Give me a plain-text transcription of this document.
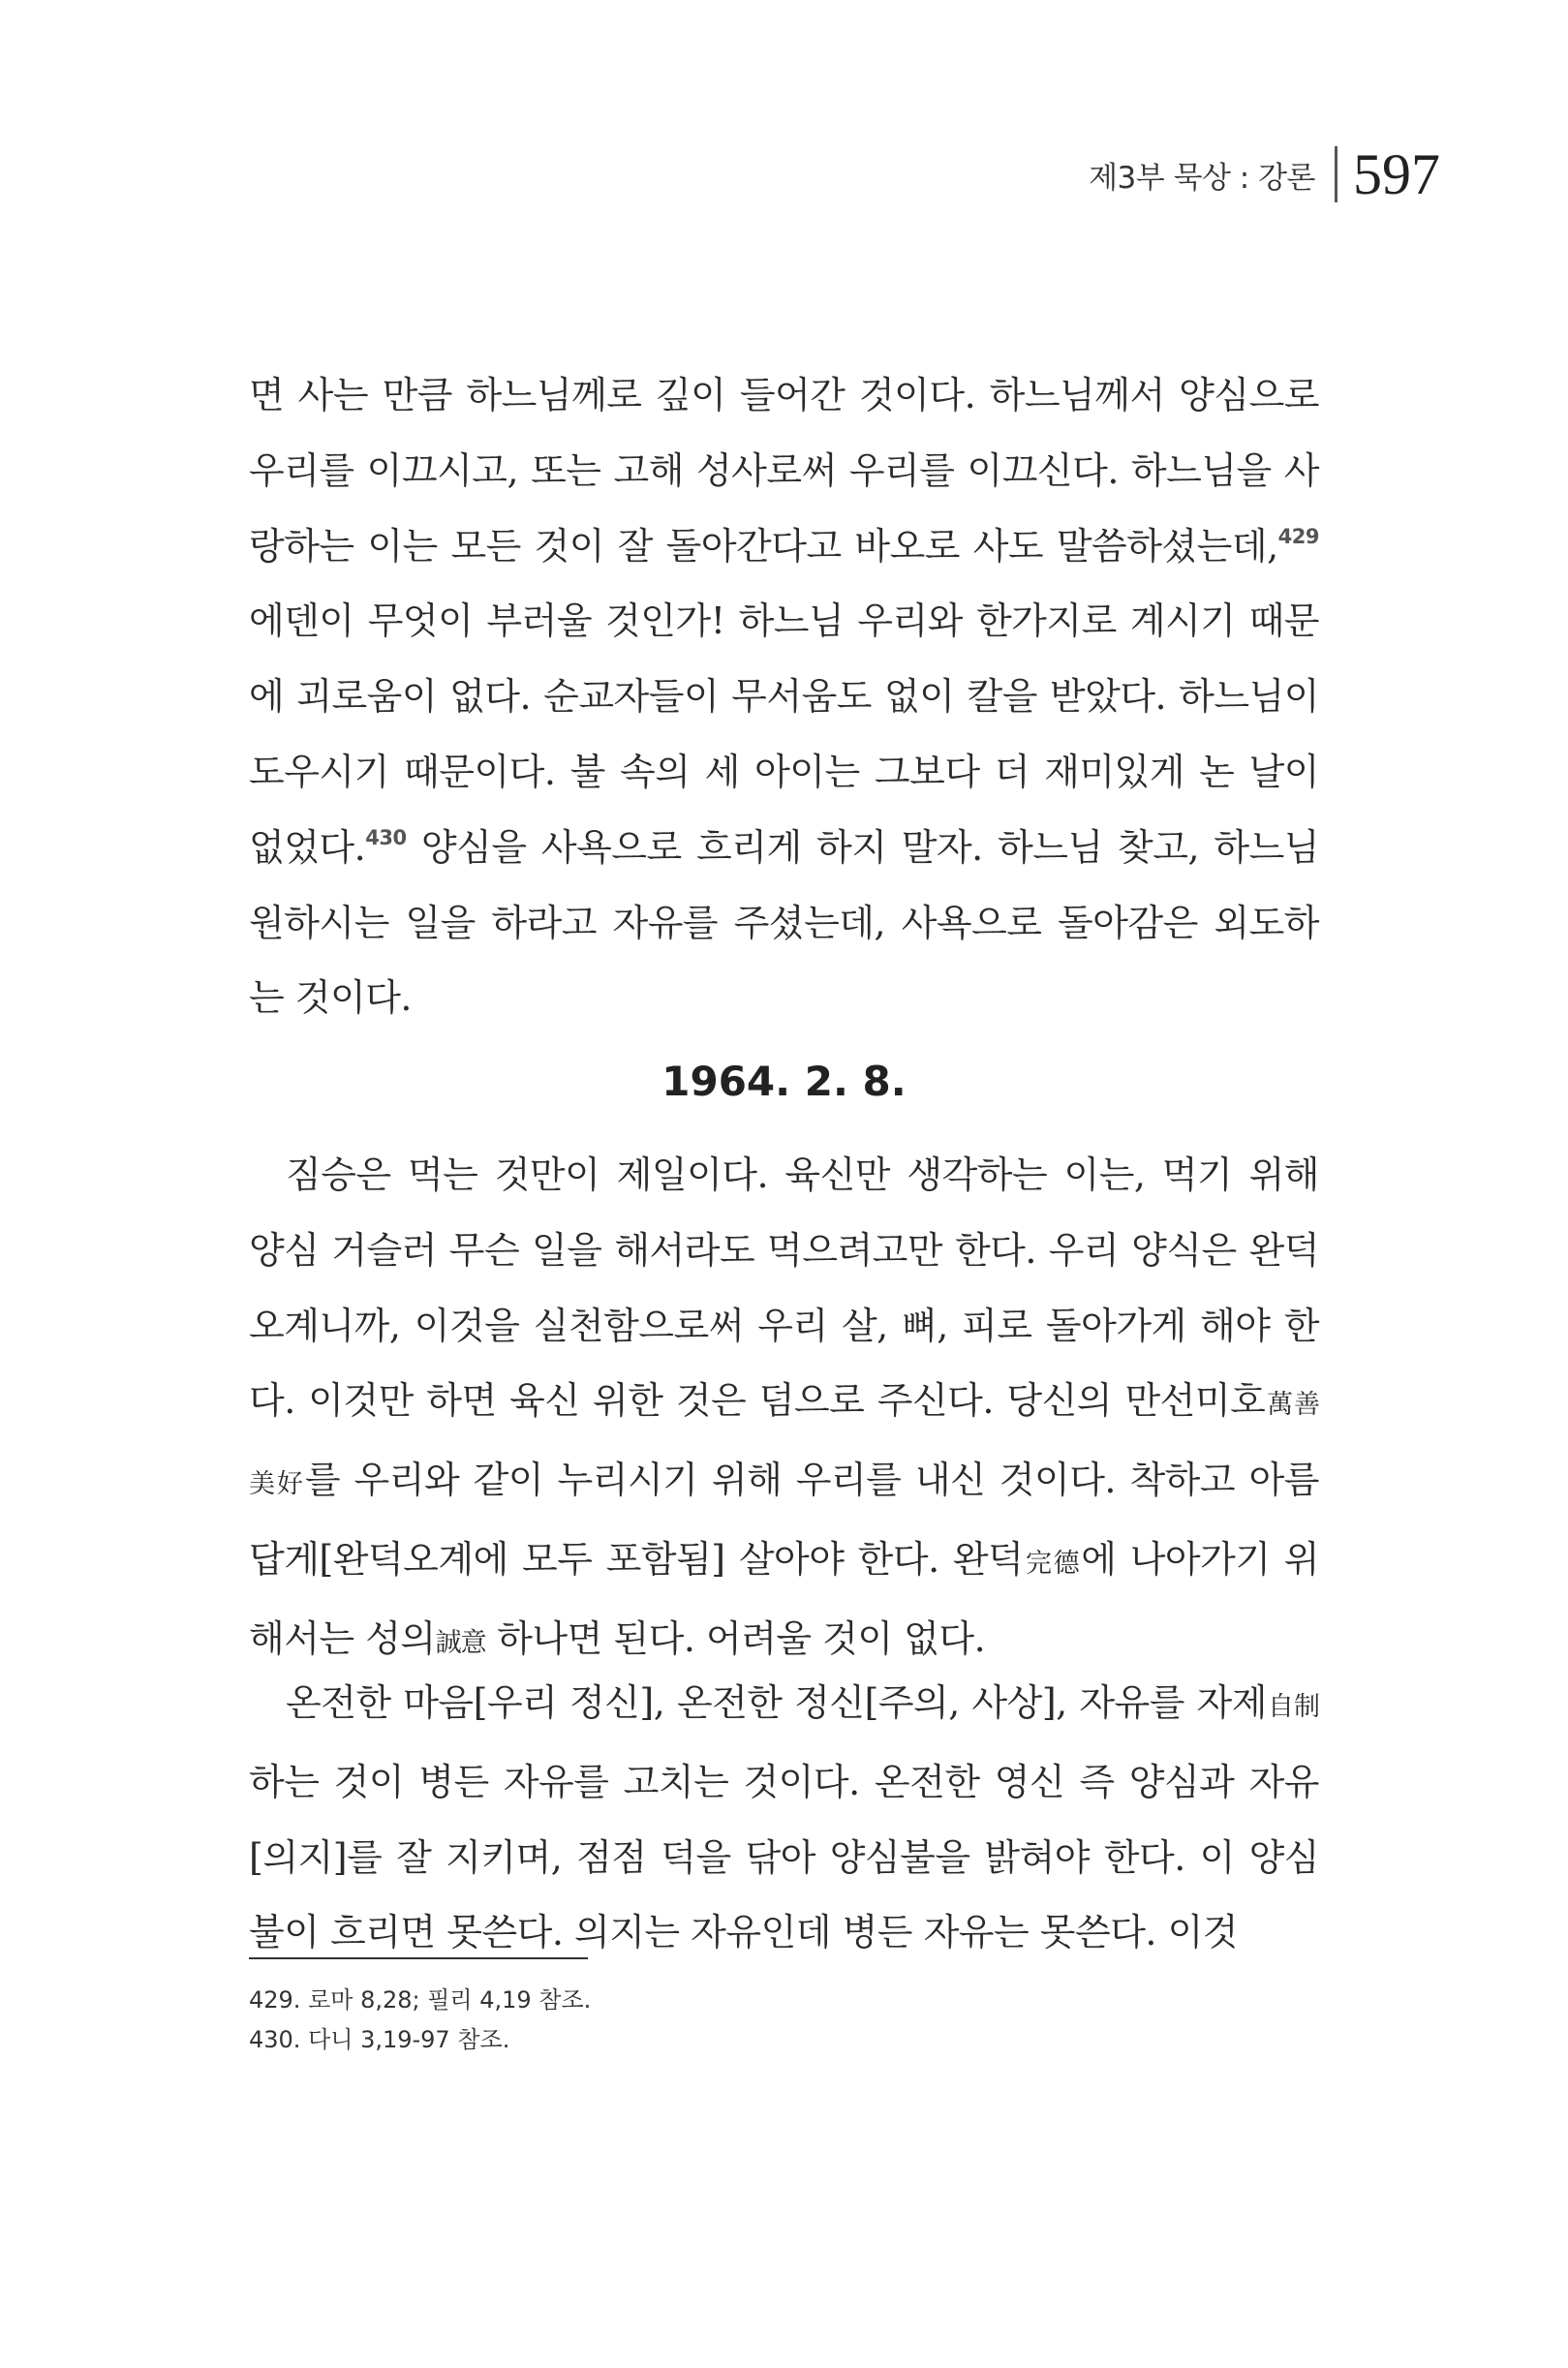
제3부 묵상 : 강론 597

면 사는 만큼 하느님께로 깊이 들어간 것이다. 하느님께서 양심으로 우리를 이끄시고, 또는 고해 성사로써 우리를 이끄신다. 하느님을 사랑하는 이는 모든 것이 잘 돌아간다고 바오로 사도 말씀하셨는데,$^{429}$ 에덴이 무엇이 부러울 것인가! 하느님 우리와 한가지로 계시기 때문에 괴로움이 없다. 순교자들이 무서움도 없이 칼을 받았다. 하느님이 도우시기 때문이다. 불 속의 세 아이는 그보다 더 재미있게 논 날이 없었다.$^{430}$ 양심을 사욕으로 흐리게 하지 말자. 하느님 찾고, 하느님 원하시는 일을 하라고 자유를 주셨는데, 사욕으로 돌아감은 외도하는 것이다.

1964. 2. 8.

짐승은 먹는 것만이 제일이다. 육신만 생각하는 이는, 먹기 위해 양심 거슬러 무슨 일을 해서라도 먹으려고만 한다. 우리 양식은 완덕오계니까, 이것을 실천함으로써 우리 살, 뼈, 피로 돌아가게 해야 한다. 이것만 하면 육신 위한 것은 덤으로 주신다. 당신의 만선미호萬善美好를 우리와 같이 누리시기 위해 우리를 내신 것이다. 착하고 아름답게[완덕오계에 모두 포함됨] 살아야 한다. 완덕完德에 나아가기 위해서는 성의誠意 하나면 된다. 어려울 것이 없다.

온전한 마음[우리 정신], 온전한 정신[주의, 사상], 자유를 자제自制하는 것이 병든 자유를 고치는 것이다. 온전한 영신 즉 양심과 자유[의지]를 잘 지키며, 점점 덕을 닦아 양심불을 밝혀야 한다. 이 양심불이 흐리면 못쓴다. 의지는 자유인데 병든 자유는 못쓴다. 이것

429. 로마 8,28; 필리 4,19 참조.
430. 다니 3,19-97 참조.
